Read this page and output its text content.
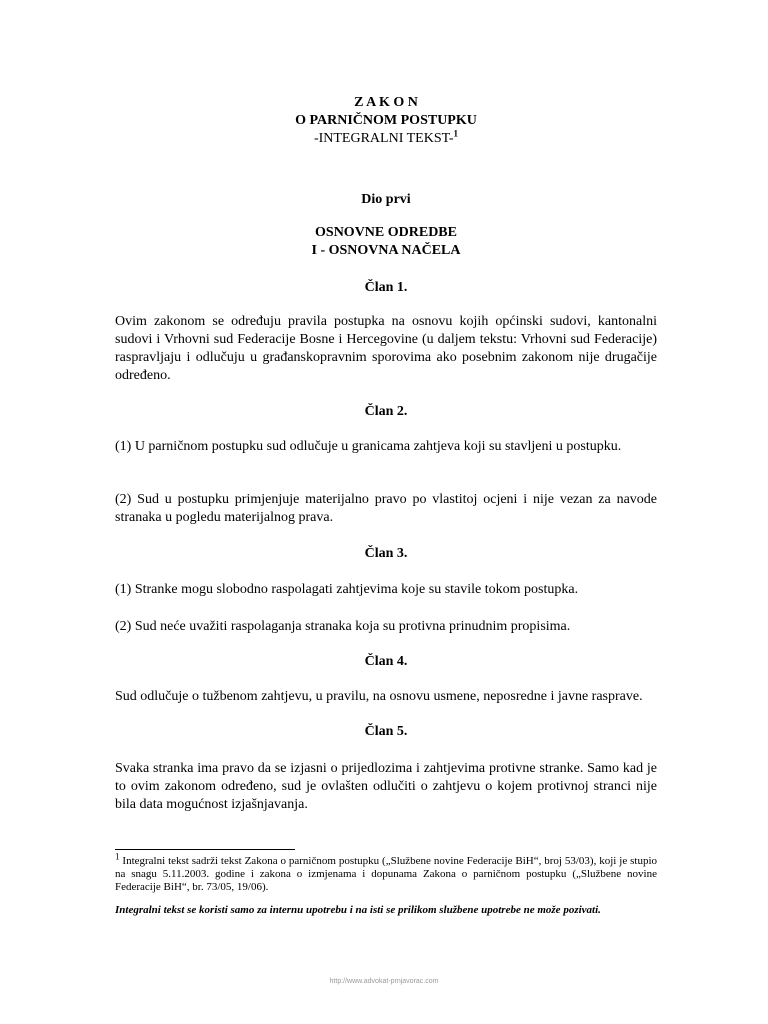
Z A K O N
O PARNIČNOM POSTUPKU
-INTEGRALNI TEKST-$^1$
Dio prvi
OSNOVNE ODREDBE
I - OSNOVNA NAČELA
Član 1.
Ovim zakonom se određuju pravila postupka na osnovu kojih općinski sudovi, kantonalni sudovi i Vrhovni sud Federacije Bosne i Hercegovine (u daljem tekstu: Vrhovni sud Federacije) raspravljaju i odlučuju u građanskopravnim sporovima ako posebnim zakonom nije drugačije određeno.
Član 2.
(1) U parničnom postupku sud odlučuje u granicama zahtjeva koji su stavljeni u postupku.
(2) Sud u postupku primjenjuje materijalno pravo po vlastitoj ocjeni i nije vezan za navode stranaka u pogledu materijalnog prava.
Član 3.
(1) Stranke mogu slobodno raspolagati zahtjevima koje su stavile tokom postupka.
(2) Sud neće uvažiti raspolaganja stranaka koja su protivna prinudnim propisima.
Član 4.
Sud odlučuje o tužbenom zahtjevu, u pravilu, na osnovu usmene, neposredne i javne rasprave.
Član 5.
Svaka stranka ima pravo da se izjasni o prijedlozima i zahtjevima protivne stranke. Samo kad je to ovim zakonom određeno, sud je ovlašten odlučiti o zahtjevu o kojem protivnoj stranci nije bila data mogućnost izjašnjavanja.
$^1$ Integralni tekst sadrži tekst Zakona o parničnom postupku („Službene novine Federacije BiH“, broj 53/03), koji je stupio na snagu 5.11.2003. godine i zakona o izmjenama i dopunama Zakona o parničnom postupku („Službene novine Federacije BiH“, br. 73/05, 19/06).
Integralni tekst se koristi samo za internu upotrebu i na isti se prilikom službene upotrebe ne može pozivati.
http://www.advokat-prnjavorac.com
